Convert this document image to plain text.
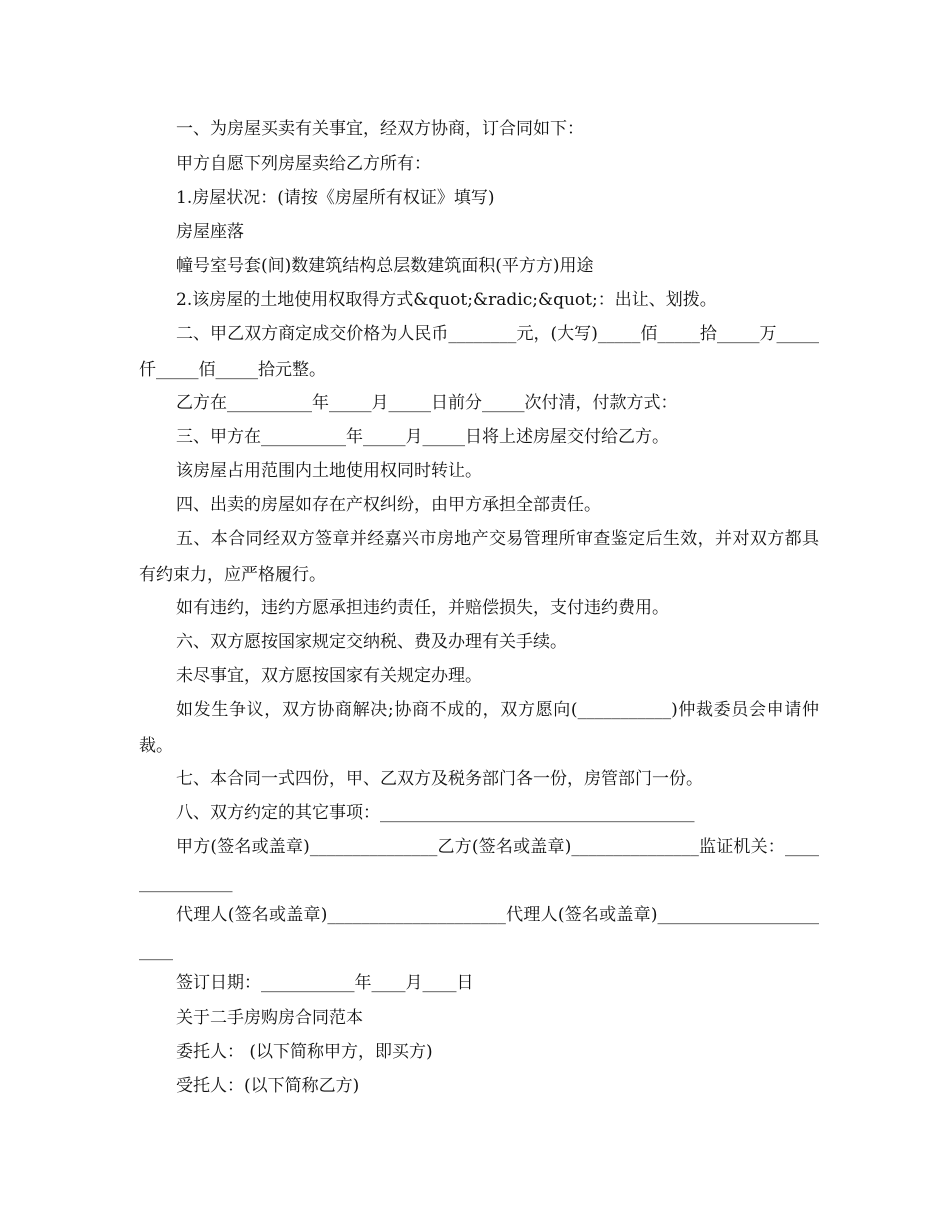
一、为房屋买卖有关事宜，经双方协商，订合同如下：

甲方自愿下列房屋卖给乙方所有：

1.房屋状况：(请按《房屋所有权证》填写)

房屋座落

幢号室号套(间)数建筑结构总层数建筑面积(平方方)用途

2.该房屋的土地使用权取得方式&quot;&radic;&quot;：出让、划拨。

二、甲乙双方商定成交价格为人民币________元，(大写)_____佰_____拾_____万_____仟_____佰_____拾元整。

乙方在__________年_____月_____日前分_____次付清，付款方式：

三、甲方在__________年_____月_____日将上述房屋交付给乙方。

该房屋占用范围内土地使用权同时转让。

四、出卖的房屋如存在产权纠纷，由甲方承担全部责任。

五、本合同经双方签章并经嘉兴市房地产交易管理所审查鉴定后生效，并对双方都具有约束力，应严格履行。

如有违约，违约方愿承担违约责任，并赔偿损失，支付违约费用。

六、双方愿按国家规定交纳税、费及办理有关手续。

未尽事宜，双方愿按国家有关规定办理。

如发生争议，双方协商解决;协商不成的，双方愿向(___________)仲裁委员会申请仲裁。

七、本合同一式四份，甲、乙双方及税务部门各一份，房管部门一份。

八、双方约定的其它事项：_____________________________________

甲方(签名或盖章)_______________乙方(签名或盖章)_______________监证机关：_______________

代理人(签名或盖章)_____________________代理人(签名或盖章)_______________________

签订日期：___________年____月____日

关于二手房购房合同范本

委托人： (以下简称甲方，即买方)

受托人：(以下简称乙方)
